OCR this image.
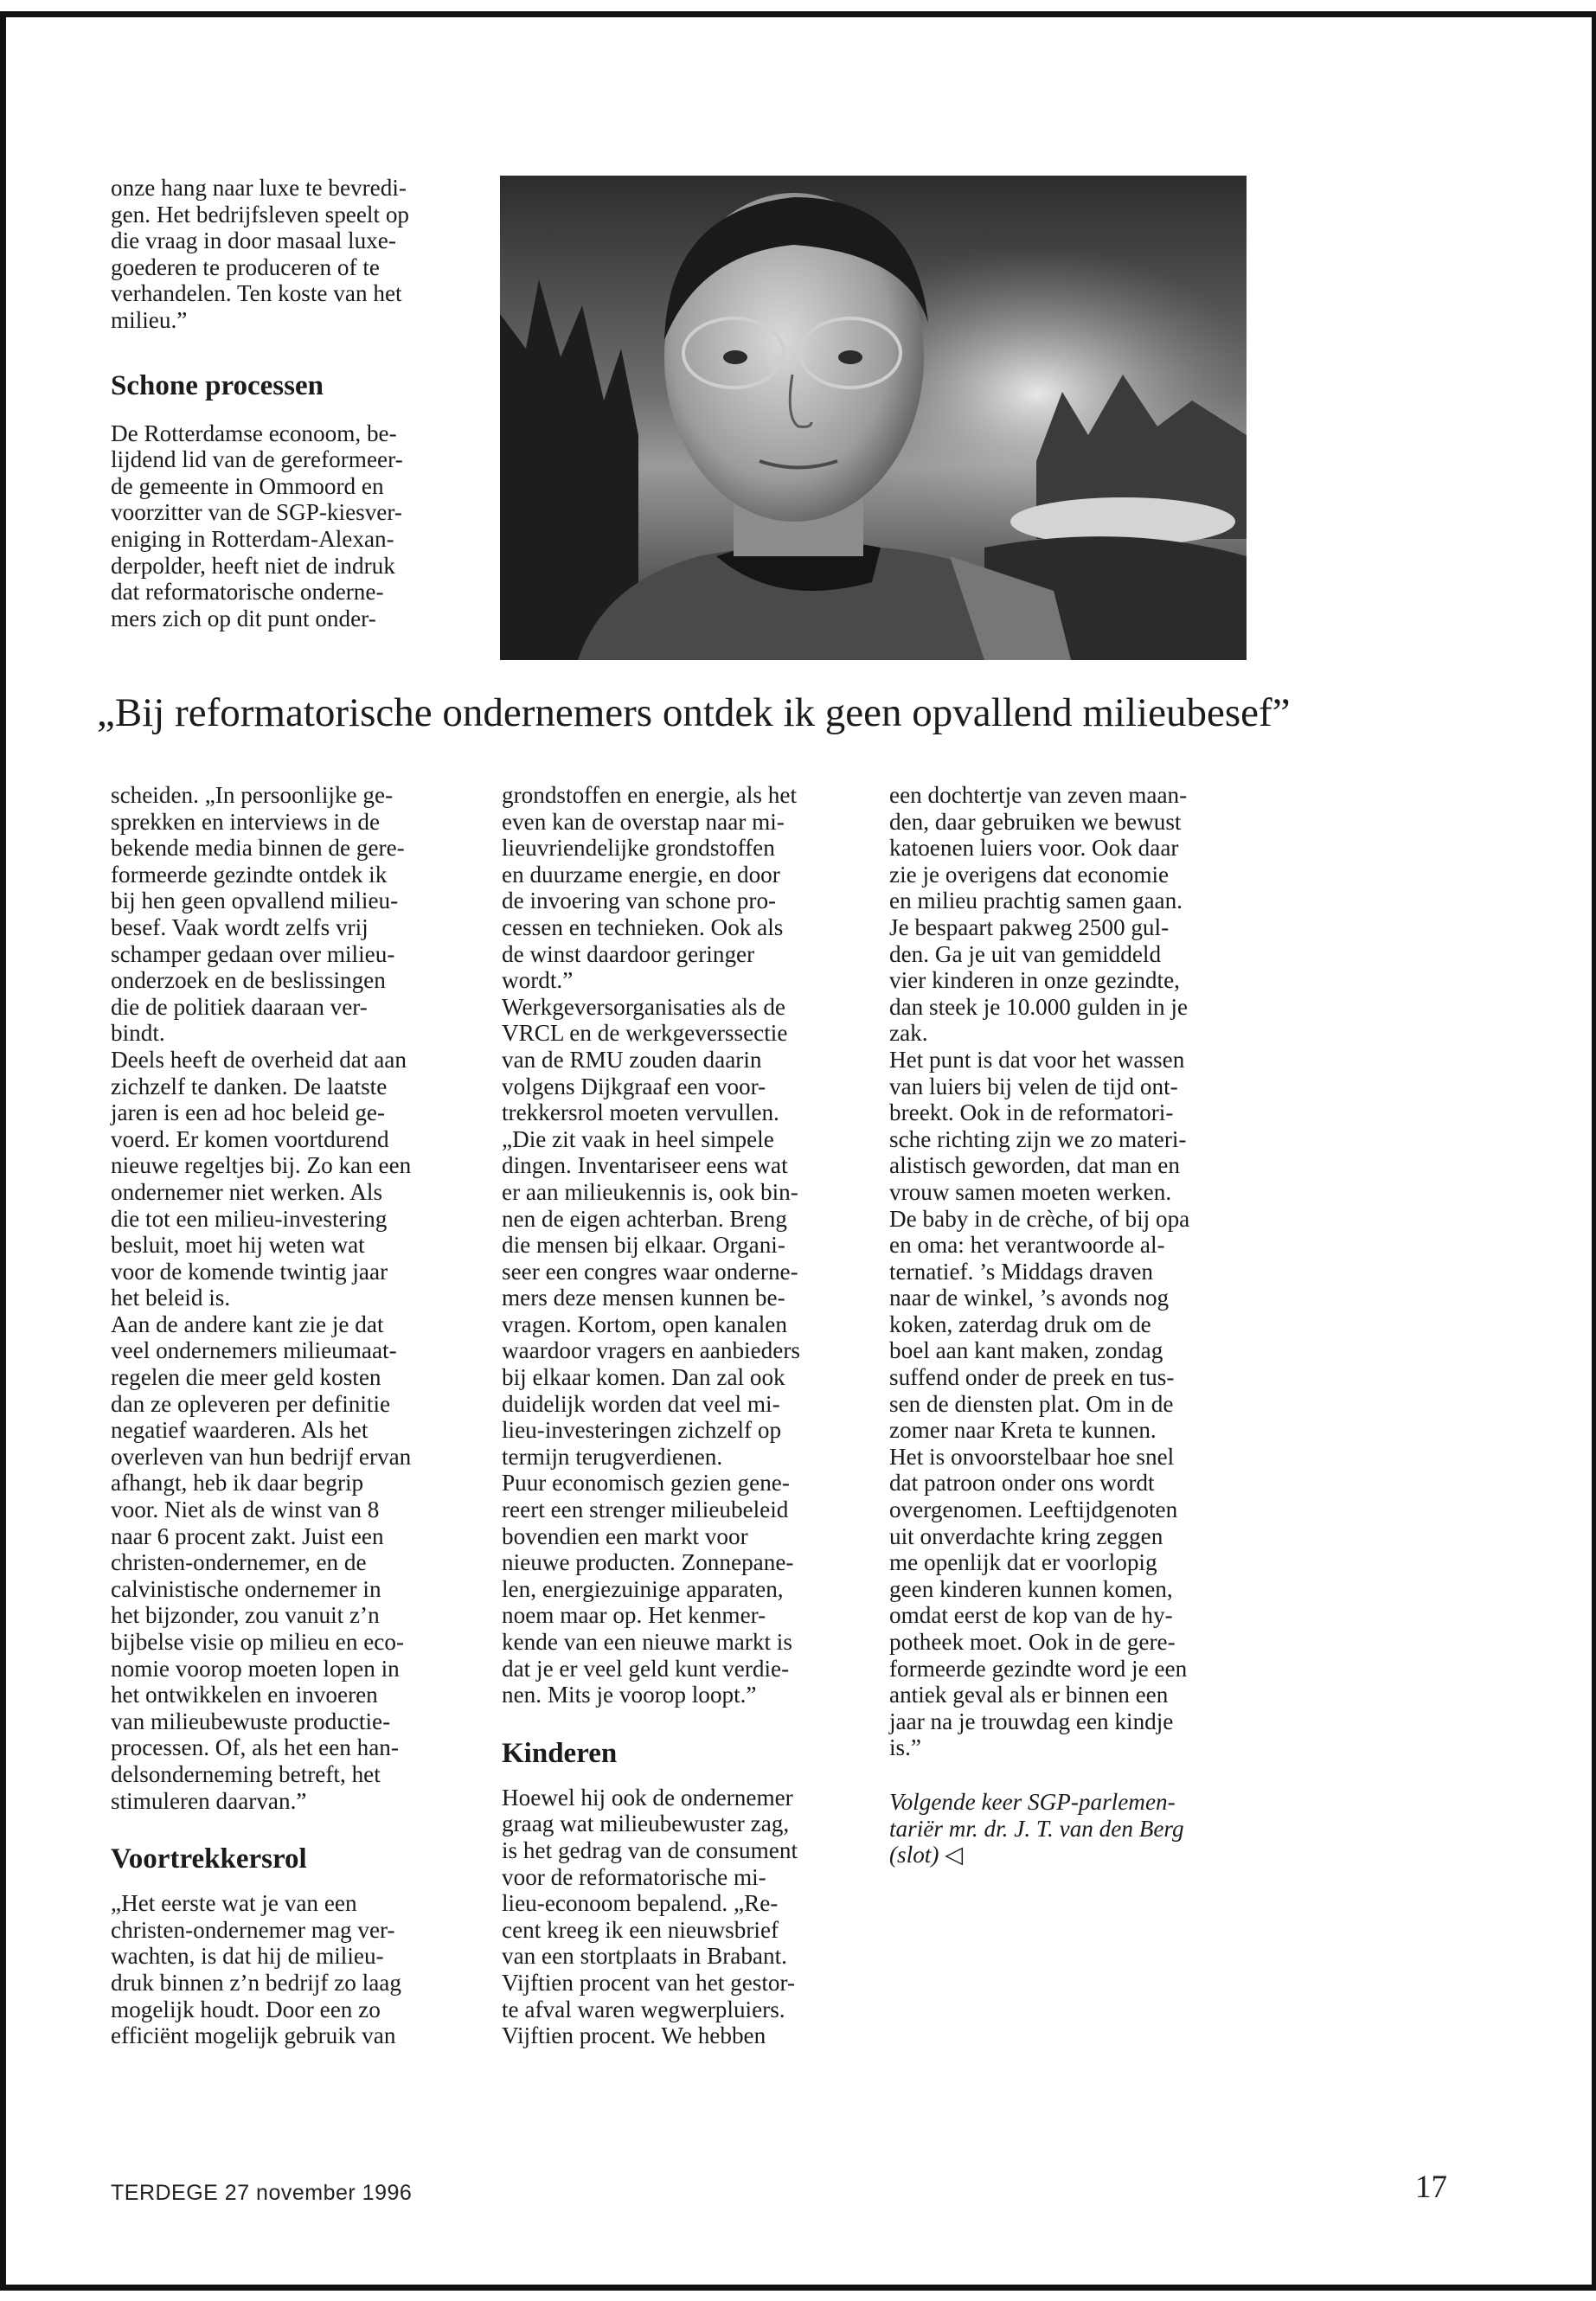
onze hang naar luxe te bevredi-
gen. Het bedrijfsleven speelt op
die vraag in door masaal luxe-
goederen te produceren of te
verhandelen. Ten koste van het
milieu.”

Schone processen

De Rotterdamse econoom, be-
lijdend lid van de gereformeer-
de gemeente in Ommoord en
voorzitter van de SGP-kiesver-
eniging in Rotterdam-Alexan-
derpolder, heeft niet de indruk
dat reformatorische onderne-
mers zich op dit punt onder-

„Bij reformatorische ondernemers ontdek ik geen opvallend milieubesef”

scheiden. „In persoonlijke ge-
sprekken en interviews in de
bekende media binnen de gere-
formeerde gezindte ontdek ik
bij hen geen opvallend milieu-
besef. Vaak wordt zelfs vrij
schamper gedaan over milieu-
onderzoek en de beslissingen
die de politiek daaraan ver-
bindt.
Deels heeft de overheid dat aan
zichzelf te danken. De laatste
jaren is een ad hoc beleid ge-
voerd. Er komen voortdurend
nieuwe regeltjes bij. Zo kan een
ondernemer niet werken. Als
die tot een milieu-investering
besluit, moet hij weten wat
voor de komende twintig jaar
het beleid is.
Aan de andere kant zie je dat
veel ondernemers milieumaat-
regelen die meer geld kosten
dan ze opleveren per definitie
negatief waarderen. Als het
overleven van hun bedrijf ervan
afhangt, heb ik daar begrip
voor. Niet als de winst van 8
naar 6 procent zakt. Juist een
christen-ondernemer, en de
calvinistische ondernemer in
het bijzonder, zou vanuit z’n
bijbelse visie op milieu en eco-
nomie voorop moeten lopen in
het ontwikkelen en invoeren
van milieubewuste productie-
processen. Of, als het een han-
delsonderneming betreft, het
stimuleren daarvan.”

Voortrekkersrol

„Het eerste wat je van een
christen-ondernemer mag ver-
wachten, is dat hij de milieu-
druk binnen z’n bedrijf zo laag
mogelijk houdt. Door een zo
efficiënt mogelijk gebruik van

grondstoffen en energie, als het
even kan de overstap naar mi-
lieuvriendelijke grondstoffen
en duurzame energie, en door
de invoering van schone pro-
cessen en technieken. Ook als
de winst daardoor geringer
wordt.”
Werkgeversorganisaties als de
VRCL en de werkgeverssectie
van de RMU zouden daarin
volgens Dijkgraaf een voor-
trekkersrol moeten vervullen.
„Die zit vaak in heel simpele
dingen. Inventariseer eens wat
er aan milieukennis is, ook bin-
nen de eigen achterban. Breng
die mensen bij elkaar. Organi-
seer een congres waar onderne-
mers deze mensen kunnen be-
vragen. Kortom, open kanalen
waardoor vragers en aanbieders
bij elkaar komen. Dan zal ook
duidelijk worden dat veel mi-
lieu-investeringen zichzelf op
termijn terugverdienen.
Puur economisch gezien gene-
reert een strenger milieubeleid
bovendien een markt voor
nieuwe producten. Zonnepane-
len, energiezuinige apparaten,
noem maar op. Het kenmer-
kende van een nieuwe markt is
dat je er veel geld kunt verdie-
nen. Mits je voorop loopt.”

Kinderen

Hoewel hij ook de ondernemer
graag wat milieubewuster zag,
is het gedrag van de consument
voor de reformatorische mi-
lieu-econoom bepalend. „Re-
cent kreeg ik een nieuwsbrief
van een stortplaats in Brabant.
Vijftien procent van het gestor-
te afval waren wegwerpluiers.
Vijftien procent. We hebben

een dochtertje van zeven maan-
den, daar gebruiken we bewust
katoenen luiers voor. Ook daar
zie je overigens dat economie
en milieu prachtig samen gaan.
Je bespaart pakweg 2500 gul-
den. Ga je uit van gemiddeld
vier kinderen in onze gezindte,
dan steek je 10.000 gulden in je
zak.
Het punt is dat voor het wassen
van luiers bij velen de tijd ont-
breekt. Ook in de reformatori-
sche richting zijn we zo materi-
alistisch geworden, dat man en
vrouw samen moeten werken.
De baby in de crèche, of bij opa
en oma: het verantwoorde al-
ternatief. ’s Middags draven
naar de winkel, ’s avonds nog
koken, zaterdag druk om de
boel aan kant maken, zondag
suffend onder de preek en tus-
sen de diensten plat. Om in de
zomer naar Kreta te kunnen.
Het is onvoorstelbaar hoe snel
dat patroon onder ons wordt
overgenomen. Leeftijdgenoten
uit onverdachte kring zeggen
me openlijk dat er voorlopig
geen kinderen kunnen komen,
omdat eerst de kop van de hy-
potheek moet. Ook in de gere-
formeerde gezindte word je een
antiek geval als er binnen een
jaar na je trouwdag een kindje
is.”

Volgende keer SGP-parlemen-
tariër mr. dr. J. T. van den Berg
(slot) ◁

TERDEGE 27 november 1996	17
